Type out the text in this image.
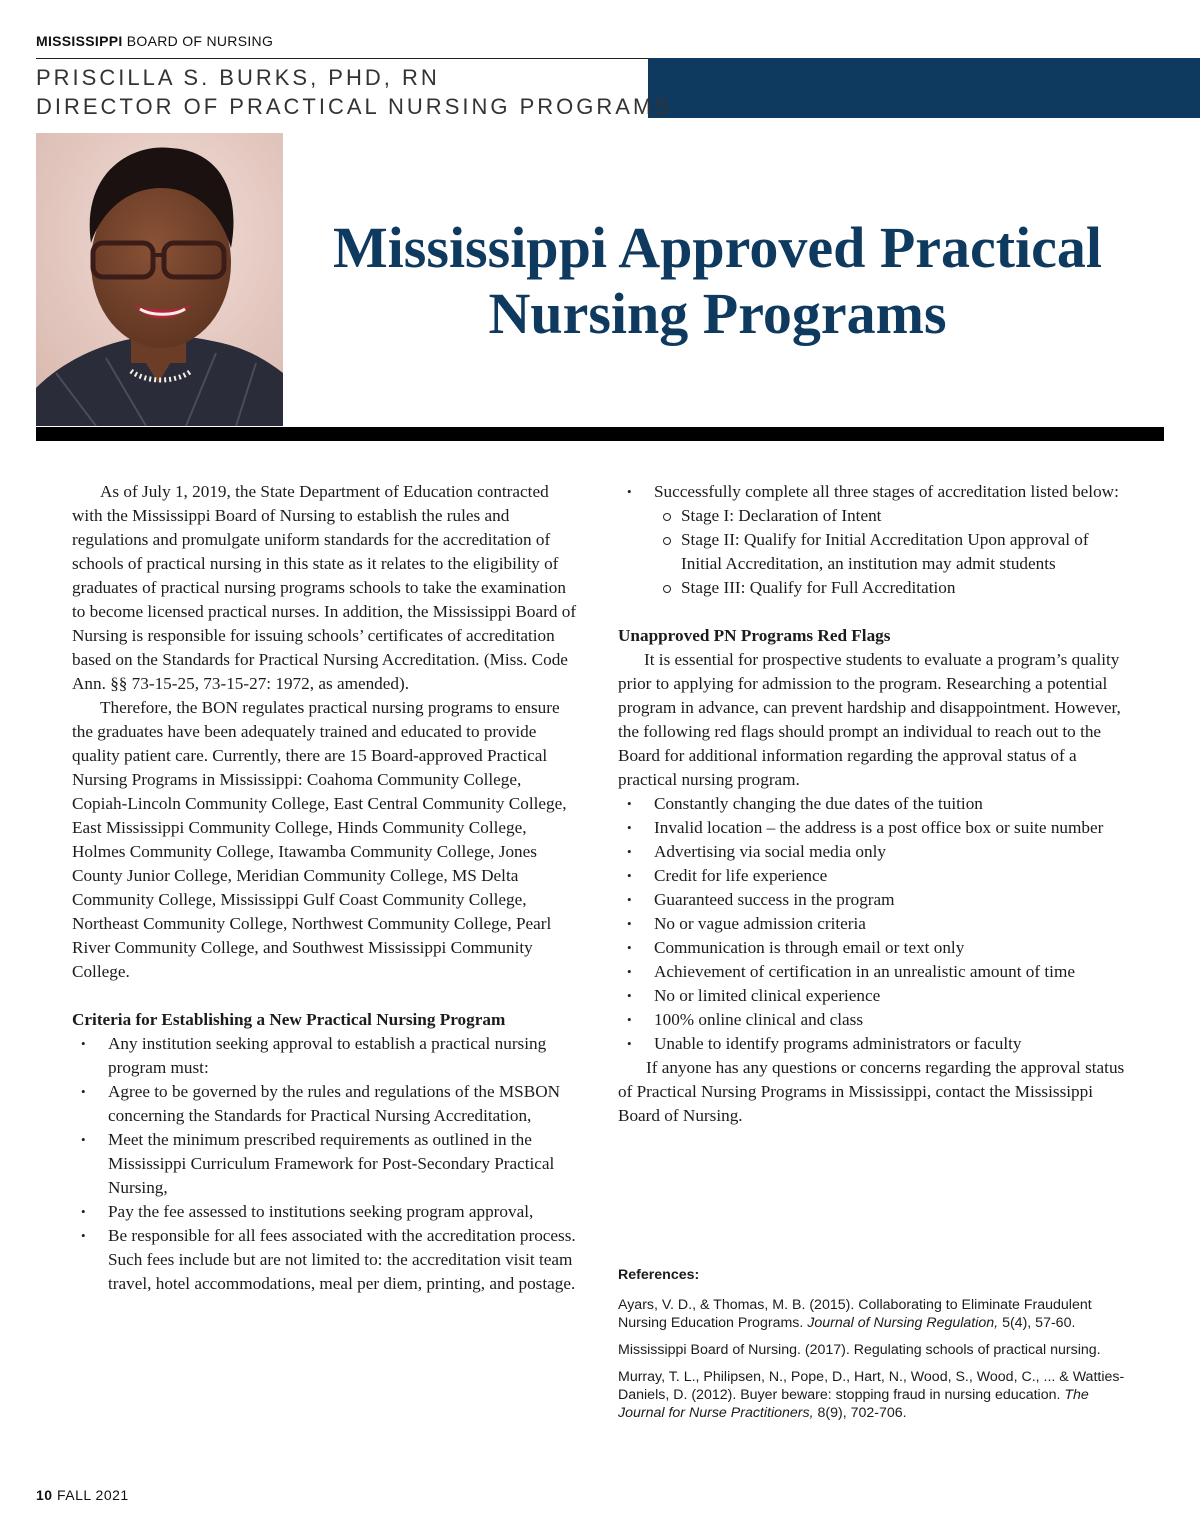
MISSISSIPPI BOARD OF NURSING
PRISCILLA S. BURKS, PHD, RN
DIRECTOR OF PRACTICAL NURSING PROGRAMS
Mississippi Approved Practical
Nursing Programs

As of July 1, 2019, the State Department of Education contracted with the Mississippi Board of Nursing to establish the rules and regulations and promulgate uniform standards for the accreditation of schools of practical nursing in this state as it relates to the eligibility of graduates of practical nursing programs schools to take the examination to become licensed practical nurses. In addition, the Mississippi Board of Nursing is responsible for issuing schools’ certificates of accreditation based on the Standards for Practical Nursing Accreditation. (Miss. Code Ann. §§ 73-15-25, 73-15-27: 1972, as amended).

Therefore, the BON regulates practical nursing programs to ensure the graduates have been adequately trained and educated to provide quality patient care. Currently, there are 15 Board-approved Practical Nursing Programs in Mississippi: Coahoma Community College, Copiah-Lincoln Community College, East Central Community College, East Mississippi Community College, Hinds Community College, Holmes Community College, Itawamba Community College, Jones County Junior College, Meridian Community College, MS Delta Community College, Mississippi Gulf Coast Community College, Northeast Community College, Northwest Community College, Pearl River Community College, and Southwest Mississippi Community College.

Criteria for Establishing a New Practical Nursing Program

• Any institution seeking approval to establish a practical nursing program must:
• Agree to be governed by the rules and regulations of the MSBON concerning the Standards for Practical Nursing Accreditation,
• Meet the minimum prescribed requirements as outlined in the Mississippi Curriculum Framework for Post-Secondary Practical Nursing,
• Pay the fee assessed to institutions seeking program approval,
• Be responsible for all fees associated with the accreditation process. Such fees include but are not limited to: the accreditation visit team travel, hotel accommodations, meal per diem, printing, and postage.
• Successfully complete all three stages of accreditation listed below:
Stage I: Declaration of Intent
Stage II: Qualify for Initial Accreditation Upon approval of Initial Accreditation, an institution may admit students
Stage III: Qualify for Full Accreditation

Unapproved PN Programs Red Flags

It is essential for prospective students to evaluate a program’s quality prior to applying for admission to the program. Researching a potential program in advance, can prevent hardship and disappointment. However, the following red flags should prompt an individual to reach out to the Board for additional information regarding the approval status of a practical nursing program.

• Constantly changing the due dates of the tuition
• Invalid location – the address is a post office box or suite number
• Advertising via social media only
• Credit for life experience
• Guaranteed success in the program
• No or vague admission criteria
• Communication is through email or text only
• Achievement of certification in an unrealistic amount of time
• No or limited clinical experience
• 100% online clinical and class
• Unable to identify programs administrators or faculty

If anyone has any questions or concerns regarding the approval status of Practical Nursing Programs in Mississippi, contact the Mississippi Board of Nursing.

References:

Ayars, V. D., & Thomas, M. B. (2015). Collaborating to Eliminate Fraudulent Nursing Education Programs. Journal of Nursing Regulation, 5(4), 57-60.

Mississippi Board of Nursing. (2017). Regulating schools of practical nursing.

Murray, T. L., Philipsen, N., Pope, D., Hart, N., Wood, S., Wood, C., ... & Watties-Daniels, D. (2012). Buyer beware: stopping fraud in nursing education. The Journal for Nurse Practitioners, 8(9), 702-706.

10 FALL 2021
